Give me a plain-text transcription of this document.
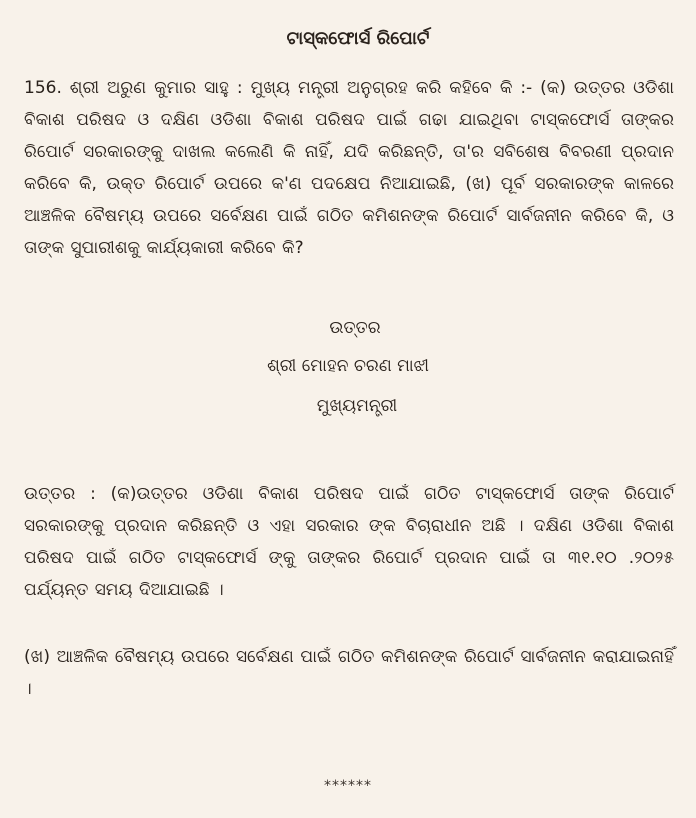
ଟାସ୍କଫୋର୍ସ ରିପୋର୍ଟ
156. ଶ୍ରୀ ଅରୁଣ କୁମାର ସାହୁ : ମୁଖ୍ୟ ମନ୍ତ୍ରୀ ଅନୁଗ୍ରହ କରି କହିବେ କି :- (କ) ଉତ୍ତର ଓଡିଶା ବିକାଶ ପରିଷଦ ଓ ଦକ୍ଷିଣ ଓଡିଶା ବିକାଶ ପରିଷଦ ପାଇଁ ଗଢା ଯାଇଥିବା ଟାସ୍କଫୋର୍ସ ତାଙ୍କର ରିପୋର୍ଟ ସରକାରଙ୍କୁ ଦାଖଲ କଲେଣି କି ନାହିଁ, ଯଦି କରିଛନ୍ତି, ତା'ର ସବିଶେଷ ବିବରଣୀ ପ୍ରଦାନ କରିବେ କି, ଉକ୍ତ ରିପୋର୍ଟ ଉପରେ କ'ଣ ପଦକ୍ଷେପ ନିଆଯାଇଛି, (ଖ) ପୂର୍ବ ସରକାରଙ୍କ କାଳରେ ଆଞ୍ଚଳିକ ବୈଷମ୍ୟ ଉପରେ ସର୍ବେକ୍ଷଣ ପାଇଁ ଗଠିତ କମିଶନଙ୍କ ରିପୋର୍ଟ ସାର୍ବଜନୀନ କରିବେ କି, ଓ ତାଙ୍କ ସୁପାରୀଶକୁ କାର୍ଯ୍ୟକାରୀ କରିବେ କି?
ଉତ୍ତର
ଶ୍ରୀ ମୋହନ ଚରଣ ମାଝୀ
ମୁଖ୍ୟମନ୍ତ୍ରୀ
ଉତ୍ତର : (କ)ଉତ୍ତର ଓଡିଶା ବିକାଶ ପରିଷଦ ପାଇଁ ଗଠିତ ଟାସ୍କଫୋର୍ସ ତାଙ୍କ ରିପୋର୍ଟ ସରକାରଙ୍କୁ ପ୍ରଦାନ କରିଛନ୍ତି ଓ ଏହା ସରକାର ଙ୍କ ବିଚାରାଧୀନ ଅଛି । ଦକ୍ଷିଣ ଓଡିଶା ବିକାଶ ପରିଷଦ ପାଇଁ ଗଠିତ ଟାସ୍କଫୋର୍ସ ଙ୍କୁ ତାଙ୍କର ରିପୋର୍ଟ ପ୍ରଦାନ ପାଇଁ ତା ୩୧.୧୦ .୨୦୨୫ ପର୍ଯ୍ୟନ୍ତ ସମୟ ଦିଆଯାଇଛି ।
(ଖ) ଆଞ୍ଚଳିକ ବୈଷମ୍ୟ ଉପରେ ସର୍ବେକ୍ଷଣ ପାଇଁ ଗଠିତ କମିଶନଙ୍କ ରିପୋର୍ଟ ସାର୍ବଜନୀନ କରାଯାଇନାହିଁ ।
******
